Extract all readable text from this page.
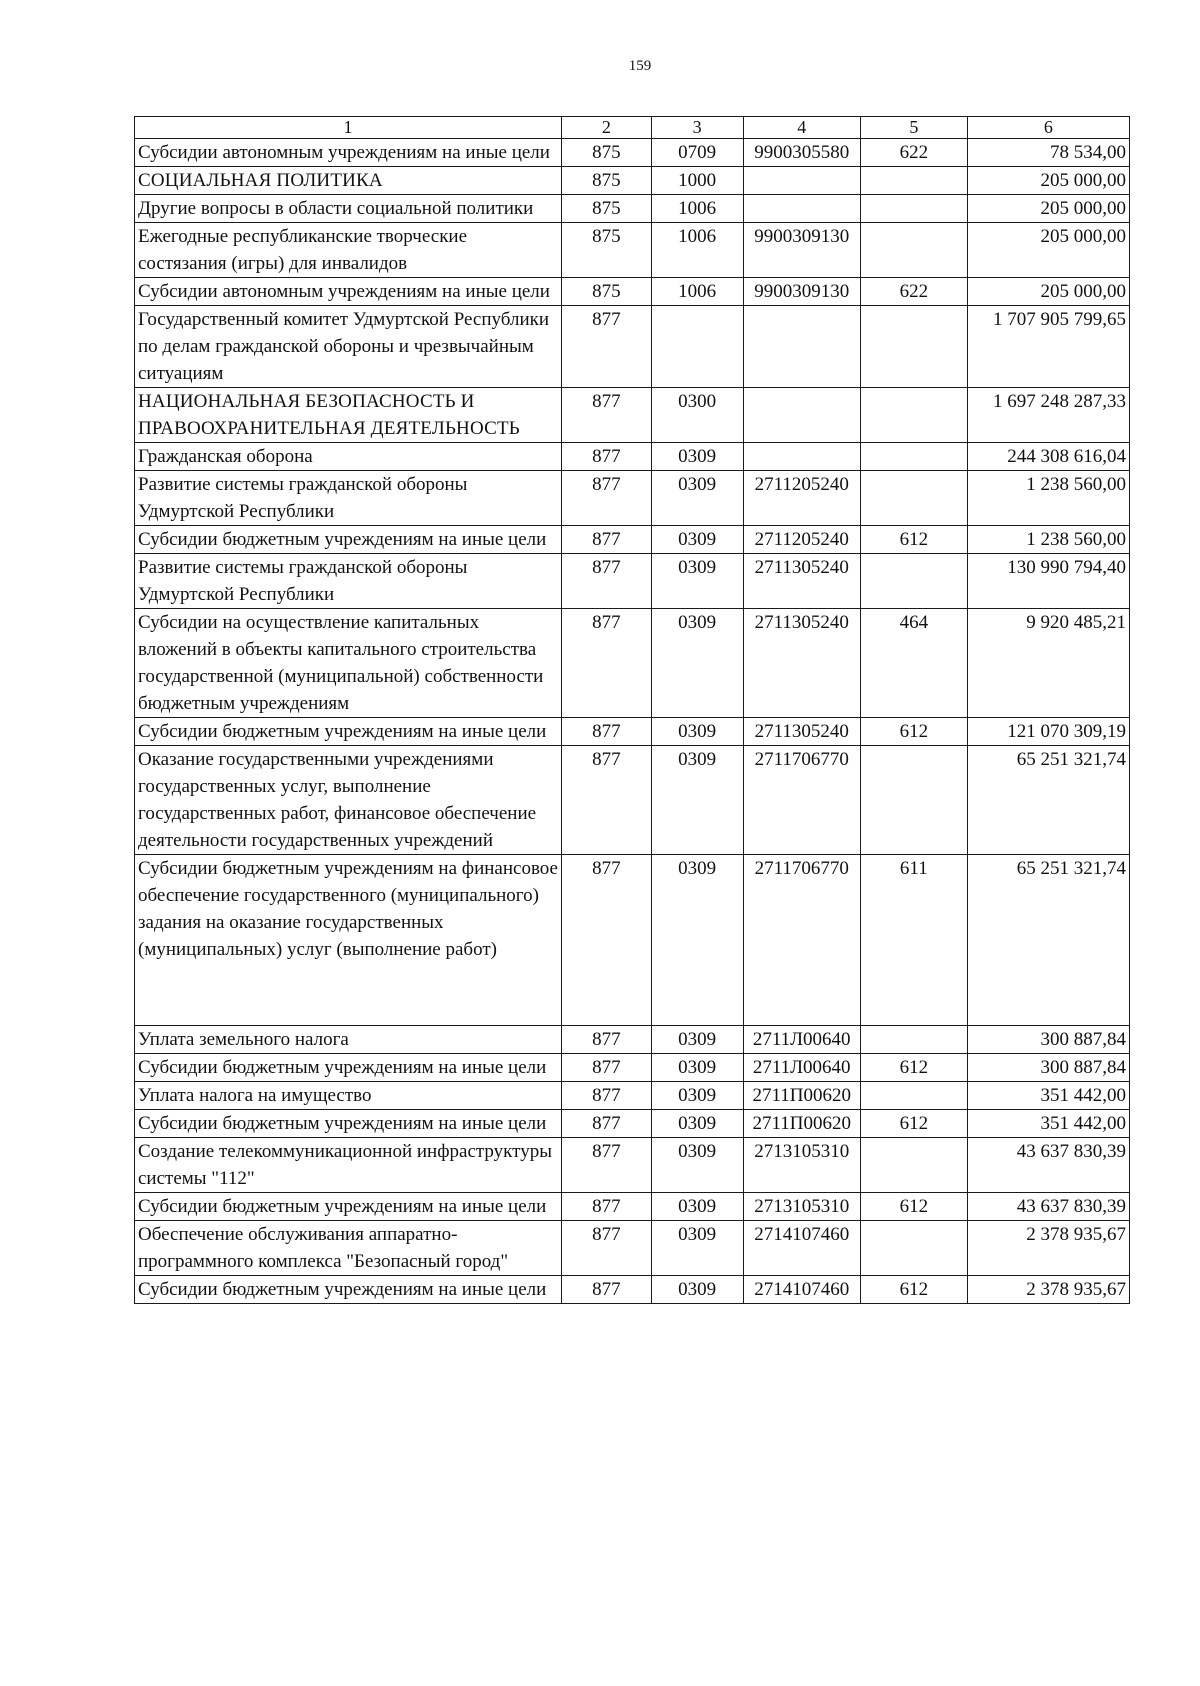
159
1	2	3	4	5	6
Субсидии автономным учреждениям на иные цели	875	0709	9900305580	622	78 534,00
СОЦИАЛЬНАЯ ПОЛИТИКА	875	1000			205 000,00
Другие вопросы в области социальной политики	875	1006			205 000,00
Ежегодные республиканские творческие состязания (игры) для инвалидов	875	1006	9900309130		205 000,00
Субсидии автономным учреждениям на иные цели	875	1006	9900309130	622	205 000,00
Государственный комитет Удмуртской Республики по делам гражданской обороны и чрезвычайным ситуациям	877				1 707 905 799,65
НАЦИОНАЛЬНАЯ БЕЗОПАСНОСТЬ И ПРАВООХРАНИТЕЛЬНАЯ ДЕЯТЕЛЬНОСТЬ	877	0300			1 697 248 287,33
Гражданская оборона	877	0309			244 308 616,04
Развитие системы гражданской обороны Удмуртской Республики	877	0309	2711205240		1 238 560,00
Субсидии бюджетным учреждениям на иные цели	877	0309	2711205240	612	1 238 560,00
Развитие системы гражданской обороны Удмуртской Республики	877	0309	2711305240		130 990 794,40
Субсидии на осуществление капитальных вложений в объекты капитального строительства государственной (муниципальной) собственности бюджетным учреждениям	877	0309	2711305240	464	9 920 485,21
Субсидии бюджетным учреждениям на иные цели	877	0309	2711305240	612	121 070 309,19
Оказание государственными учреждениями государственных услуг, выполнение государственных работ, финансовое обеспечение деятельности государственных учреждений	877	0309	2711706770		65 251 321,74
Субсидии бюджетным учреждениям на финансовое обеспечение государственного (муниципального) задания на оказание государственных (муниципальных) услуг (выполнение работ)	877	0309	2711706770	611	65 251 321,74
Уплата земельного налога	877	0309	2711Л00640		300 887,84
Субсидии бюджетным учреждениям на иные цели	877	0309	2711Л00640	612	300 887,84
Уплата налога на имущество	877	0309	2711П00620		351 442,00
Субсидии бюджетным учреждениям на иные цели	877	0309	2711П00620	612	351 442,00
Создание телекоммуникационной инфраструктуры системы "112"	877	0309	2713105310		43 637 830,39
Субсидии бюджетным учреждениям на иные цели	877	0309	2713105310	612	43 637 830,39
Обеспечение обслуживания аппаратно-программного комплекса "Безопасный город"	877	0309	2714107460		2 378 935,67
Субсидии бюджетным учреждениям на иные цели	877	0309	2714107460	612	2 378 935,67
